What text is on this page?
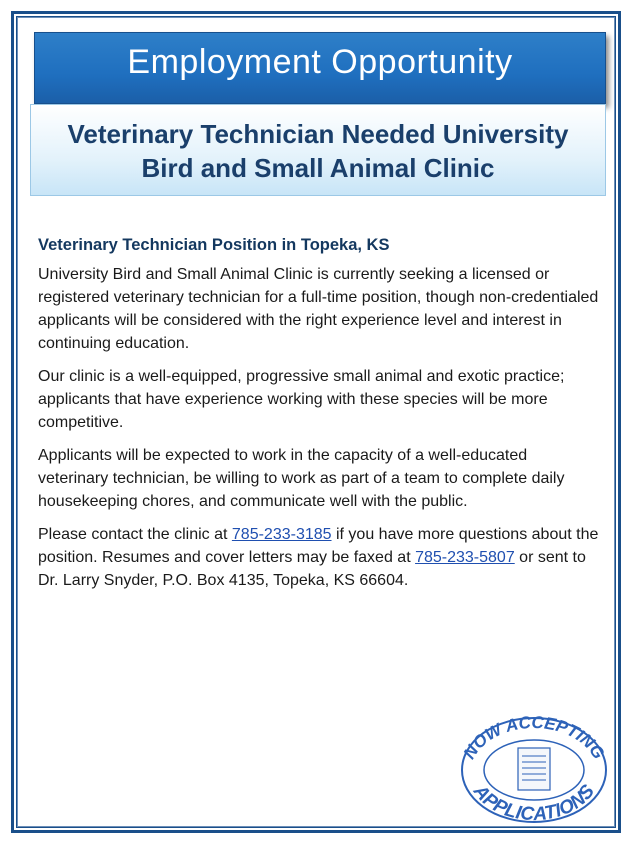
Employment Opportunity
Veterinary Technician Needed University
Bird and Small Animal Clinic
Veterinary Technician Position in Topeka, KS

University Bird and Small Animal Clinic is currently seeking a licensed or registered veterinary technician for a full-time position, though non-credentialed applicants will be considered with the right experience level and interest in continuing education.

Our clinic is a well-equipped, progressive small animal and exotic practice; applicants that have experience working with these species will be more competitive.

Applicants will be expected to work in the capacity of a well-educated veterinary technician, be willing to work as part of a team to complete daily housekeeping chores, and communicate well with the public.

Please contact the clinic at 785-233-3185 if you have more questions about the position. Resumes and cover letters may be faxed at 785-233-5807 or sent to Dr. Larry Snyder, P.O. Box 4135, Topeka, KS 66604.

NOW ACCEPTING
APPLICATIONS
